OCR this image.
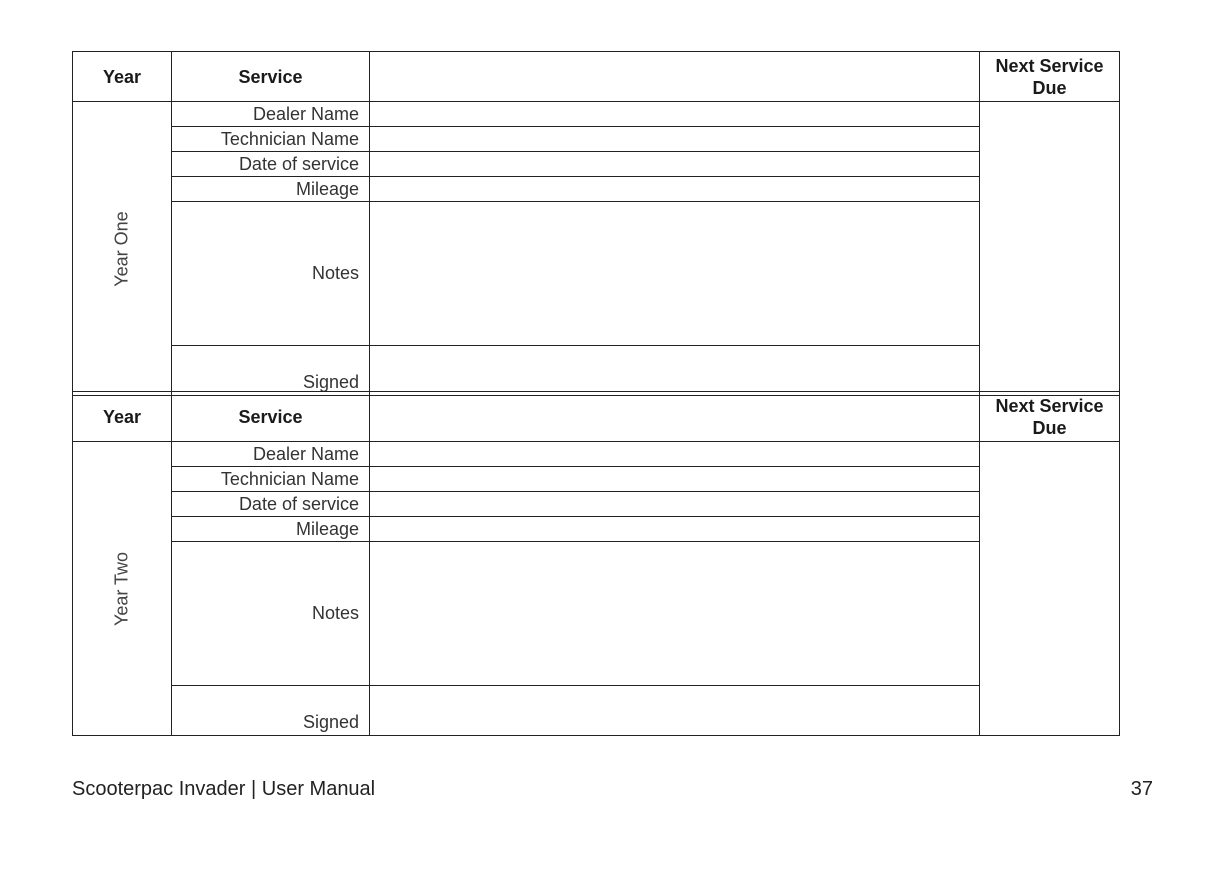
Year	Service		Next Service Due

Year One	Dealer Name		
	Technician Name		
	Date of service		
	Mileage		
	Notes		
	Signed		
Year	Service		Next Service Due

Year Two	Dealer Name		
	Technician Name		
	Date of service		
	Mileage		
	Notes		
	Signed		
Scooterpac Invader | User Manual	37
